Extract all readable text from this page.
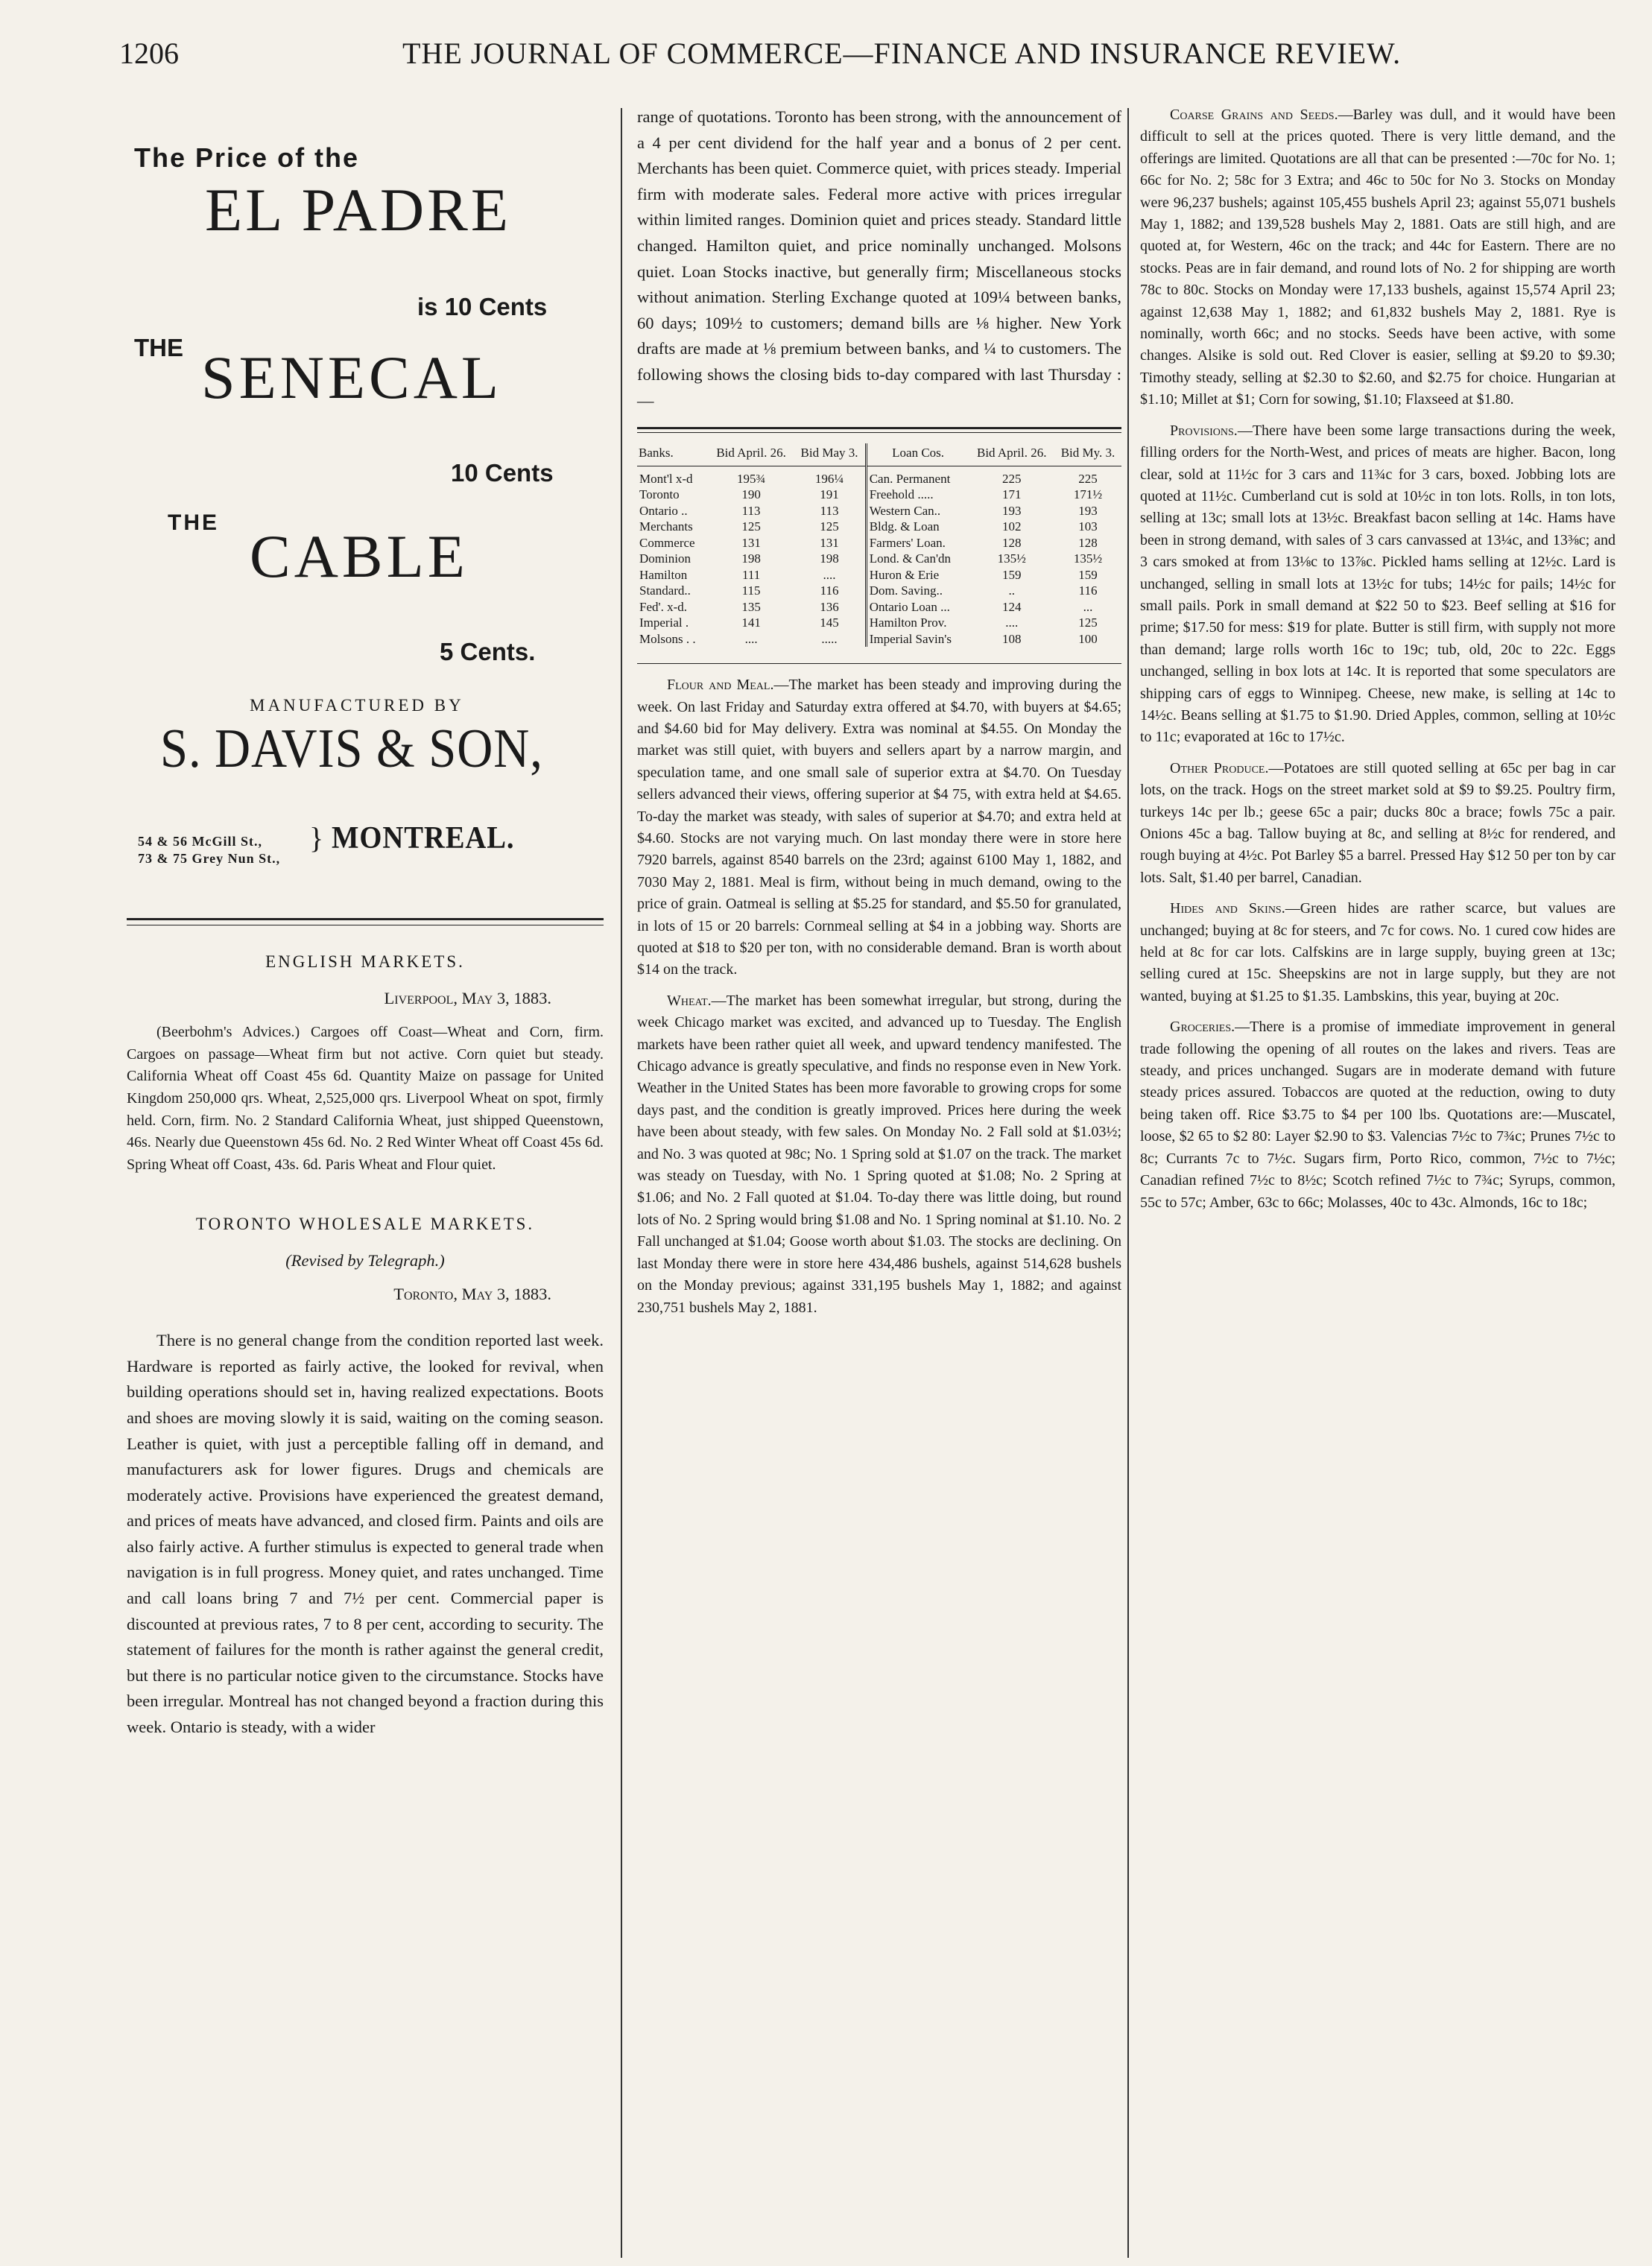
1206	THE JOURNAL OF COMMERCE—FINANCE AND INSURANCE REVIEW.
The Price of the
EL PADRE
is 10 Cents
THE SENECAL
10 Cents
THE CABLE
5 Cents.
MANUFACTURED BY
S. DAVIS & SON,
54 & 56 McGill St.,
73 & 75 Grey Nun St.,
} MONTREAL.
ENGLISH MARKETS.
Liverpool, May 3, 1883.

(Beerbohm's Advices.) Cargoes off Coast—Wheat and Corn, firm. Cargoes on passage—Wheat firm but not active. Corn quiet but steady. California Wheat off Coast 45s 6d. Quantity Maize on passage for United Kingdom 250,000 qrs. Wheat, 2,525,000 qrs. Liverpool Wheat on spot, firmly held. Corn, firm. No. 2 Standard California Wheat, just shipped Queenstown, 46s. Nearly due Queenstown 45s 6d. No. 2 Red Winter Wheat off Coast 45s 6d. Spring Wheat off Coast, 43s. 6d. Paris Wheat and Flour quiet.

TORONTO WHOLESALE MARKETS.
(Revised by Telegraph.)
Toronto, May 3, 1883.

There is no general change from the condition reported last week. Hardware is reported as fairly active, the looked for revival, when building operations should set in, having realized expectations. Boots and shoes are moving slowly it is said, waiting on the coming season. Leather is quiet, with just a perceptible falling off in demand, and manufacturers ask for lower figures. Drugs and chemicals are moderately active. Provisions have experienced the greatest demand, and prices of meats have advanced, and closed firm. Paints and oils are also fairly active. A further stimulus is expected to general trade when navigation is in full progress. Money quiet, and rates unchanged. Time and call loans bring 7 and 7½ per cent. Commercial paper is discounted at previous rates, 7 to 8 per cent, according to security. The statement of failures for the month is rather against the general credit, but there is no particular notice given to the circumstance. Stocks have been irregular. Montreal has not changed beyond a fraction during this week. Ontario is steady, with a wider

range of quotations. Toronto has been strong, with the announcement of a 4 per cent dividend for the half year and a bonus of 2 per cent. Merchants has been quiet. Commerce quiet, with prices steady. Imperial firm with moderate sales. Federal more active with prices irregular within limited ranges. Dominion quiet and prices steady. Standard little changed. Hamilton quiet, and price nominally unchanged. Molsons quiet. Loan Stocks inactive, but generally firm; Miscellaneous stocks without animation. Sterling Exchange quoted at 109¼ between banks, 60 days; 109½ to customers; demand bills are ⅛ higher. New York drafts are made at ⅛ premium between banks, and ¼ to customers. The following shows the closing bids to-day compared with last Thursday :—

Banks.	Bid April. 26.	Bid May 3.	Loan Cos.	Bid April. 26.	Bid My. 3.
Mont'l x-d	195¾	196¼	Can. Permanent	225	225
Toronto	190	191	Freehold .....	171	171½
Ontario ..	113	113	Western Can..	193	193
Merchants	125	125	Bldg. & Loan	102	103
Commerce	131	131	Farmers' Loan.	128	128
Dominion	198	198	Lond. & Can'dn	135½	135½
Hamilton	111	....	Huron & Erie	159	159
Standard..	115	116	Dom. Saving..	..	116
Fed'. x-d.	135	136	Ontario Loan ...	124	...
Imperial .	141	145	Hamilton Prov.	....	125
Molsons . .	....	.....	Imperial Savin's	108	100

Flour and Meal.—The market has been steady and improving during the week. On last Friday and Saturday extra offered at $4.70, with buyers at $4.65; and $4.60 bid for May delivery. Extra was nominal at $4.55. On Monday the market was still quiet, with buyers and sellers apart by a narrow margin, and speculation tame, and one small sale of superior extra at $4.70. On Tuesday sellers advanced their views, offering superior at $4 75, with extra held at $4.65. To-day the market was steady, with sales of superior at $4.70; and extra held at $4.60. Stocks are not varying much. On last monday there were in store here 7920 barrels, against 8540 barrels on the 23rd; against 6100 May 1, 1882, and 7030 May 2, 1881. Meal is firm, without being in much demand, owing to the price of grain. Oatmeal is selling at $5.25 for standard, and $5.50 for granulated, in lots of 15 or 20 barrels: Cornmeal selling at $4 in a jobbing way. Shorts are quoted at $18 to $20 per ton, with no considerable demand. Bran is worth about $14 on the track.

Wheat.—The market has been somewhat irregular, but strong, during the week Chicago market was excited, and advanced up to Tuesday. The English markets have been rather quiet all week, and upward tendency manifested. The Chicago advance is greatly speculative, and finds no response even in New York. Weather in the United States has been more favorable to growing crops for some days past, and the condition is greatly improved. Prices here during the week have been about steady, with few sales. On Monday No. 2 Fall sold at $1.03½; and No. 3 was quoted at 98c; No. 1 Spring sold at $1.07 on the track. The market was steady on Tuesday, with No. 1 Spring quoted at $1.08; No. 2 Spring at $1.06; and No. 2 Fall quoted at $1.04. To-day there was little doing, but round lots of No. 2 Spring would bring $1.08 and No. 1 Spring nominal at $1.10. No. 2 Fall unchanged at $1.04; Goose worth about $1.03. The stocks are declining. On last Monday there were in store here 434,486 bushels, against 514,628 bushels on the Monday previous; against 331,195 bushels May 1, 1882; and against 230,751 bushels May 2, 1881.

Coarse Grains and Seeds.—Barley was dull, and it would have been difficult to sell at the prices quoted. There is very little demand, and the offerings are limited. Quotations are all that can be presented :—70c for No. 1; 66c for No. 2; 58c for 3 Extra; and 46c to 50c for No 3. Stocks on Monday were 96,237 bushels; against 105,455 bushels April 23; against 55,071 bushels May 1, 1882; and 139,528 bushels May 2, 1881. Oats are still high, and are quoted at, for Western, 46c on the track; and 44c for Eastern. There are no stocks. Peas are in fair demand, and round lots of No. 2 for shipping are worth 78c to 80c. Stocks on Monday were 17,133 bushels, against 15,574 April 23; against 12,638 May 1, 1882; and 61,832 bushels May 2, 1881. Rye is nominally, worth 66c; and no stocks. Seeds have been active, with some changes. Alsike is sold out. Red Clover is easier, selling at $9.20 to $9.30; Timothy steady, selling at $2.30 to $2.60, and $2.75 for choice. Hungarian at $1.10; Millet at $1; Corn for sowing, $1.10; Flaxseed at $1.80.

Provisions.—There have been some large transactions during the week, filling orders for the North-West, and prices of meats are higher. Bacon, long clear, sold at 11½c for 3 cars and 11¾c for 3 cars, boxed. Jobbing lots are quoted at 11½c. Cumberland cut is sold at 10½c in ton lots. Rolls, in ton lots, selling at 13c; small lots at 13½c. Breakfast bacon selling at 14c. Hams have been in strong demand, with sales of 3 cars canvassed at 13¼c, and 13⅜c; and 3 cars smoked at from 13⅛c to 13⅞c. Pickled hams selling at 12½c. Lard is unchanged, selling in small lots at 13½c for tubs; 14½c for pails; 14½c for small pails. Pork in small demand at $22 50 to $23. Beef selling at $16 for prime; $17.50 for mess: $19 for plate. Butter is still firm, with supply not more than demand; large rolls worth 16c to 19c; tub, old, 20c to 22c. Eggs unchanged, selling in box lots at 14c. It is reported that some speculators are shipping cars of eggs to Winnipeg. Cheese, new make, is selling at 14c to 14½c. Beans selling at $1.75 to $1.90. Dried Apples, common, selling at 10½c to 11c; evaporated at 16c to 17½c.

Other Produce.—Potatoes are still quoted selling at 65c per bag in car lots, on the track. Hogs on the street market sold at $9 to $9.25. Poultry firm, turkeys 14c per lb.; geese 65c a pair; ducks 80c a brace; fowls 75c a pair. Onions 45c a bag. Tallow buying at 8c, and selling at 8½c for rendered, and rough buying at 4½c. Pot Barley $5 a barrel. Pressed Hay $12 50 per ton by car lots. Salt, $1.40 per barrel, Canadian.

Hides and Skins.—Green hides are rather scarce, but values are unchanged; buying at 8c for steers, and 7c for cows. No. 1 cured cow hides are held at 8c for car lots. Calfskins are in large supply, buying green at 13c; selling cured at 15c. Sheepskins are not in large supply, but they are not wanted, buying at $1.25 to $1.35. Lambskins, this year, buying at 20c.

Groceries.—There is a promise of immediate improvement in general trade following the opening of all routes on the lakes and rivers. Teas are steady, and prices unchanged. Sugars are in moderate demand with future steady prices assured. Tobaccos are quoted at the reduction, owing to duty being taken off. Rice $3.75 to $4 per 100 lbs. Quotations are:—Muscatel, loose, $2 65 to $2 80: Layer $2.90 to $3. Valencias 7½c to 7¾c; Prunes 7½c to 8c; Currants 7c to 7½c. Sugars firm, Porto Rico, common, 7½c to 7½c; Canadian refined 7½c to 8½c; Scotch refined 7½c to 7¾c; Syrups, common, 55c to 57c; Amber, 63c to 66c; Molasses, 40c to 43c. Almonds, 16c to 18c;
